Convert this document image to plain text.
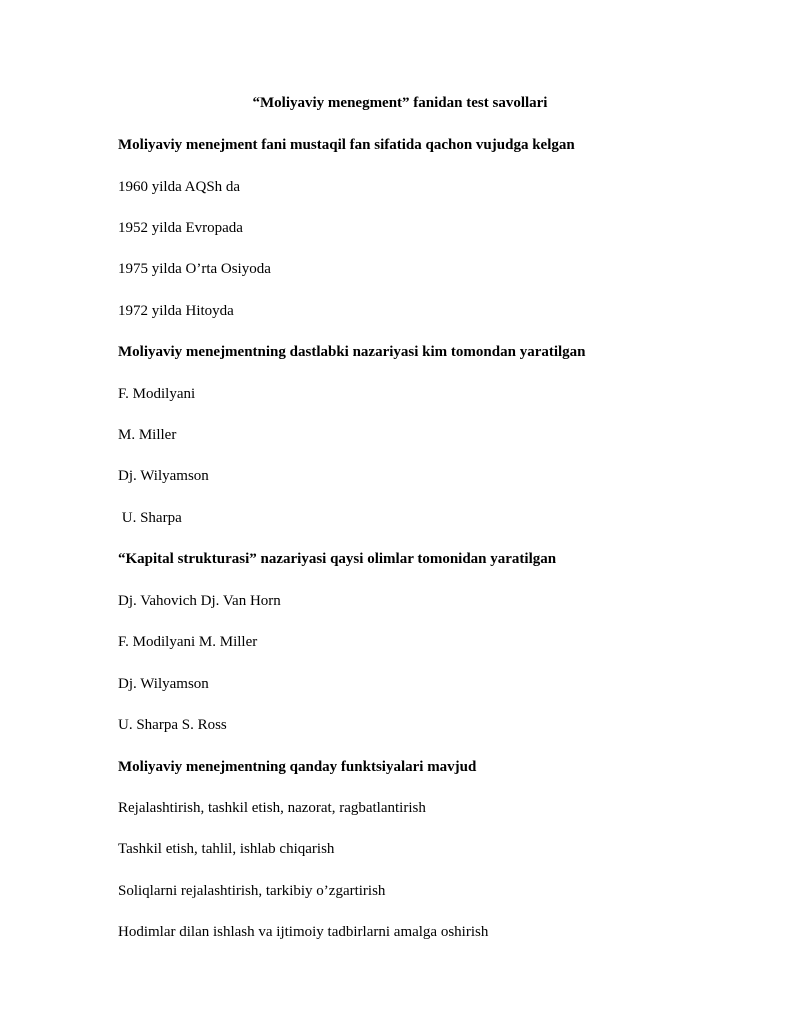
“Moliyaviy menegment” fanidan test savollari
Moliyaviy menejment fani mustaqil fan sifatida qachon vujudga kelgan
1960 yilda AQSh da
1952 yilda Evropada
1975 yilda O’rta Osiyoda
1972 yilda Hitoyda
Moliyaviy menejmentning dastlabki nazariyasi kim tomondan yaratilgan
F. Modilyani
M. Miller
Dj. Wilyamson
U. Sharpa
“Kapital strukturasi” nazariyasi qaysi olimlar tomonidan yaratilgan
Dj. Vahovich Dj. Van Horn
F. Modilyani M. Miller
Dj. Wilyamson
U. Sharpa S. Ross
Moliyaviy menejmentning qanday funktsiyalari mavjud
Rejalashtirish, tashkil etish, nazorat, ragbatlantirish
Tashkil etish, tahlil, ishlab chiqarish
Soliqlarni rejalashtirish, tarkibiy o’zgartirish
Hodimlar dilan ishlash va ijtimoiy tadbirlarni amalga oshirish
